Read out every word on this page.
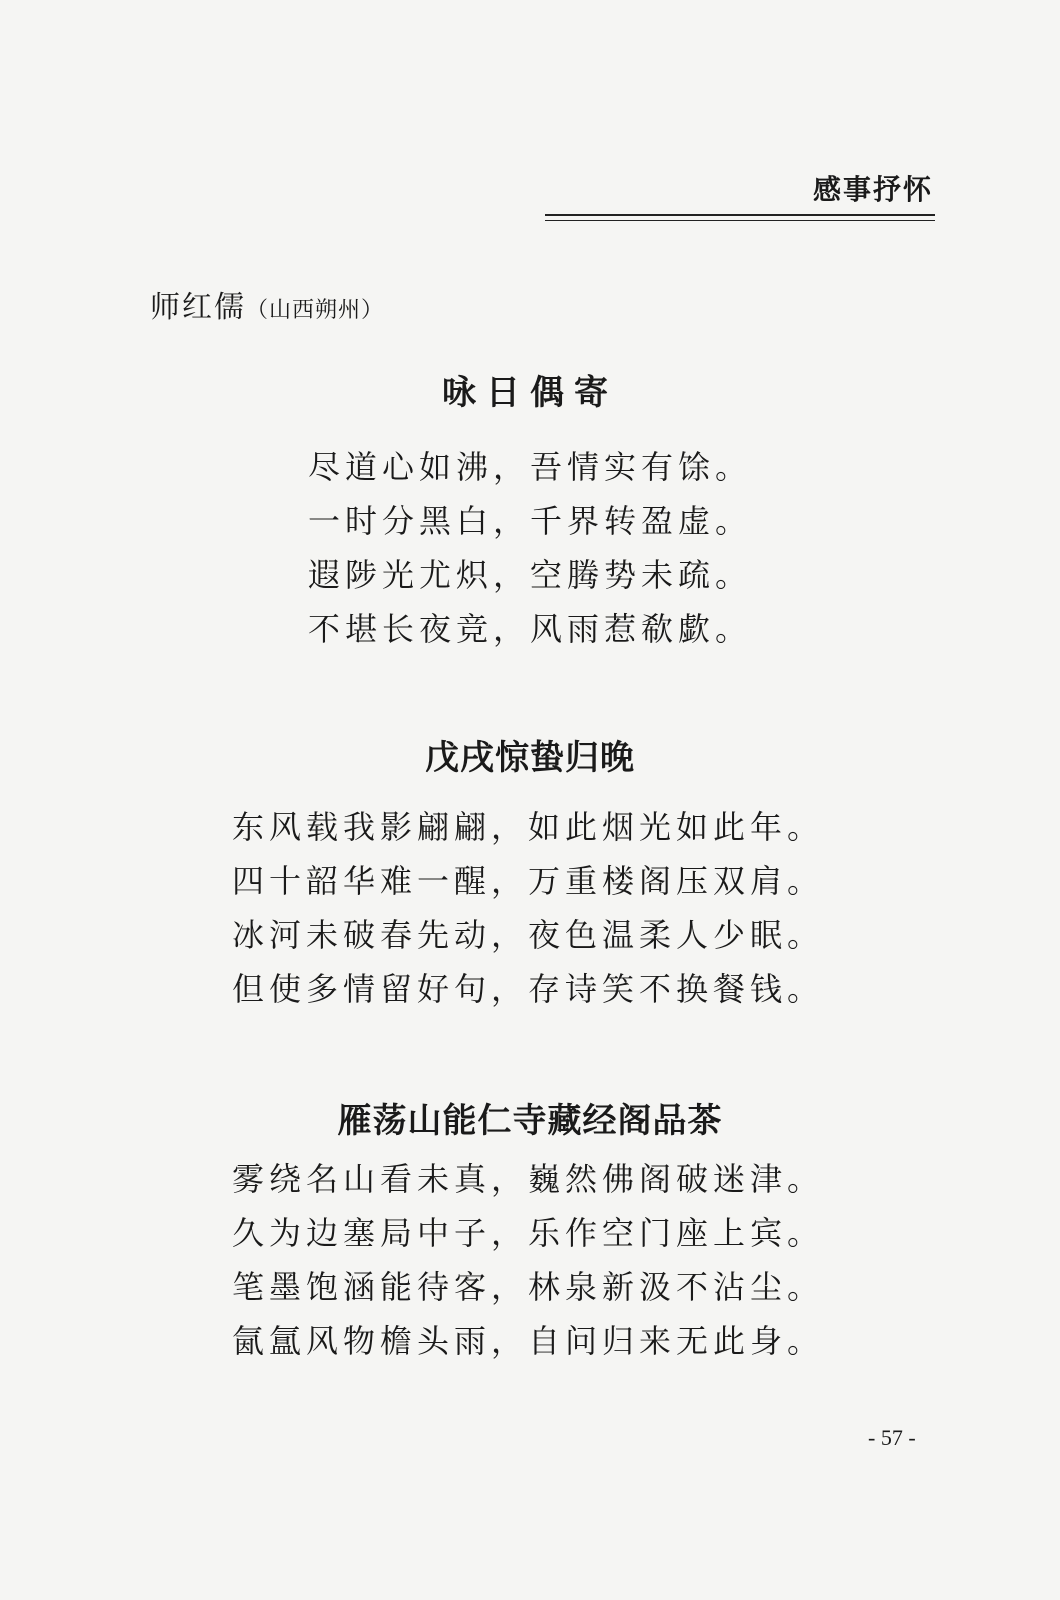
感事抒怀
师红儒（山西朔州）
咏日偶寄
尽道心如沸，吾情实有馀。
一时分黑白，千界转盈虚。
遐陟光尤炽，空腾势未疏。
不堪长夜竞，风雨惹欷歔。
戊戌惊蛰归晚
东风载我影翩翩，如此烟光如此年。
四十韶华难一醒，万重楼阁压双肩。
冰河未破春先动，夜色温柔人少眠。
但使多情留好句，存诗笑不换餐钱。
雁荡山能仁寺藏经阁品茶
雾绕名山看未真，巍然佛阁破迷津。
久为边塞局中子，乐作空门座上宾。
笔墨饱涵能待客，林泉新汲不沾尘。
氤氲风物檐头雨，自问归来无此身。
- 57 -
